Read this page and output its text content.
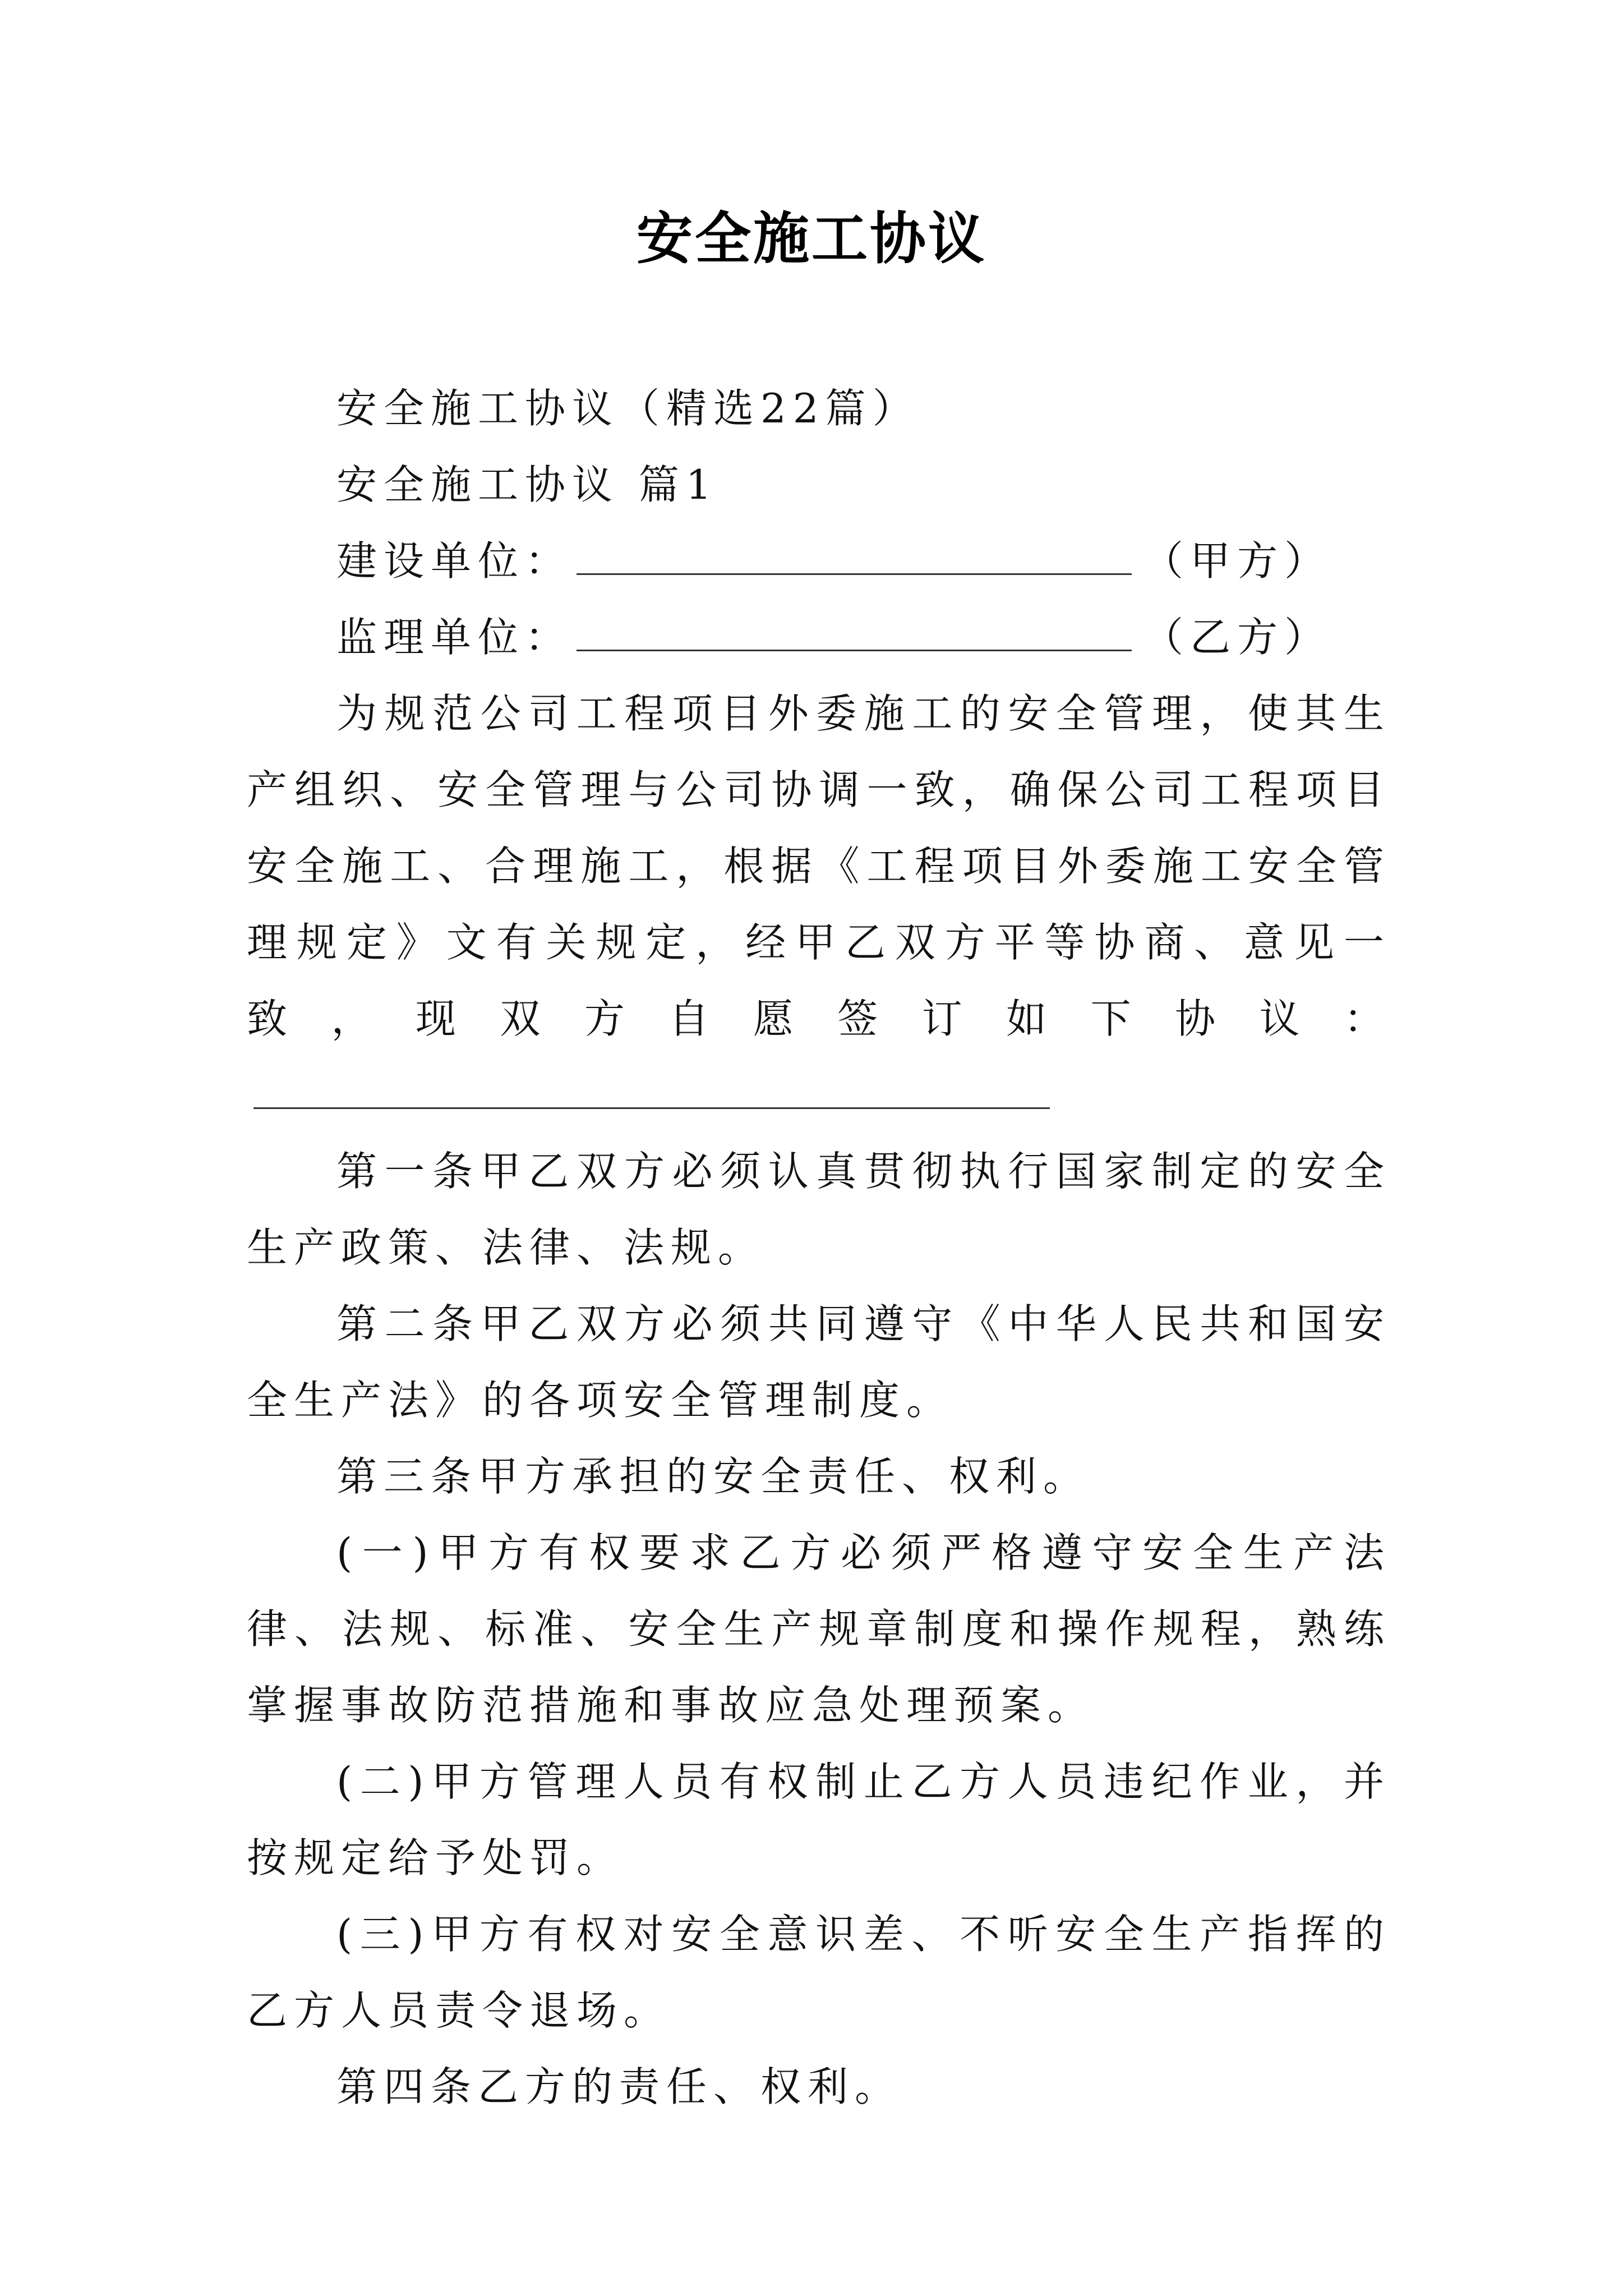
安全施工协议

安全施工协议（精选22篇）

安全施工协议 篇1

建设单位：	（甲方）
监理单位：	（乙方）

为规范公司工程项目外委施工的安全管理，使其生产组织、安全管理与公司协调一致，确保公司工程项目安全施工、合理施工，根据《工程项目外委施工安全管理规定》文有关规定，经甲乙双方平等协商、意见一致，现双方自愿签订如下协议：

第一条甲乙双方必须认真贯彻执行国家制定的安全生产政策、法律、法规。

第二条甲乙双方必须共同遵守《中华人民共和国安全生产法》的各项安全管理制度。

第三条甲方承担的安全责任、权利。

(一)甲方有权要求乙方必须严格遵守安全生产法律、法规、标准、安全生产规章制度和操作规程，熟练掌握事故防范措施和事故应急处理预案。

(二)甲方管理人员有权制止乙方人员违纪作业，并按规定给予处罚。

(三)甲方有权对安全意识差、不听安全生产指挥的乙方人员责令退场。

第四条乙方的责任、权利。
